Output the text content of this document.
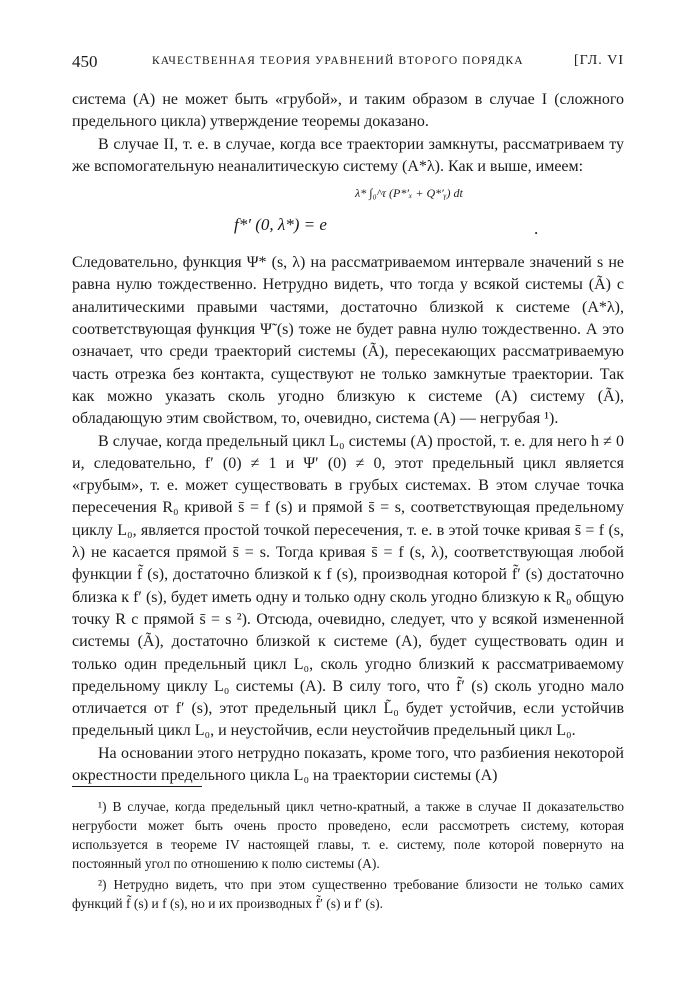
450	КАЧЕСТВЕННАЯ ТЕОРИЯ УРАВНЕНИЙ ВТОРОГО ПОРЯДКА	[ГЛ. VI

система (A) не может быть «грубой», и таким образом в случае I (сложного предельного цикла) утверждение теоремы доказано.

В случае II, т. е. в случае, когда все траектории замкнуты, рассматриваем ту же вспомогательную неаналитическую систему (A*λ). Как и выше, имеем:

f*′ (0, λ*) = e
λ* ∫₀^τ (P*′ₓ + Q*′ᵧ) dt
.

Следовательно, функция Ψ* (s, λ) на рассматриваемом интервале значений s не равна нулю тождественно. Нетрудно видеть, что тогда у всякой системы (Ã) с аналитическими правыми частями, достаточно близкой к системе (A*λ), соответствующая функция Ψ̃ (s) тоже не будет равна нулю тождественно. А это означает, что среди траекторий системы (Ã), пересекающих рассматриваемую часть отрезка без контакта, существуют не только замкнутые траектории. Так как можно указать сколь угодно близкую к системе (A) систему (Ã), обладающую этим свойством, то, очевидно, система (A) — негрубая ¹).

В случае, когда предельный цикл L₀ системы (A) простой, т. е. для него h ≠ 0 и, следовательно, f′ (0) ≠ 1 и Ψ′ (0) ≠ 0, этот предельный цикл является «грубым», т. е. может существовать в грубых системах. В этом случае точка пересечения R₀ кривой s̄ = f (s) и прямой s̄ = s, соответствующая предельному циклу L₀, является простой точкой пересечения, т. е. в этой точке кривая s̄ = f (s, λ) не касается прямой s̄ = s. Тогда кривая s̄ = f (s, λ), соответствующая любой функции f̃ (s), достаточно близкой к f (s), производная которой f̃′ (s) достаточно близка к f′ (s), будет иметь одну и только одну сколь угодно близкую к R₀ общую точку R с прямой s̄ = s ²). Отсюда, очевидно, следует, что у всякой измененной системы (Ã), достаточно близкой к системе (A), будет существовать один и только один предельный цикл L₀, сколь угодно близкий к рассматриваемому предельному циклу L₀ системы (A). В силу того, что f̃′ (s) сколь угодно мало отличается от f′ (s), этот предельный цикл L̃₀ будет устойчив, если устойчив предельный цикл L₀, и неустойчив, если неустойчив предельный цикл L₀.

На основании этого нетрудно показать, кроме того, что разбиения некоторой окрестности предельного цикла L₀ на траектории системы (A)

¹) В случае, когда предельный цикл четно-кратный, а также в случае II доказательство негрубости может быть очень просто проведено, если рассмотреть систему, которая используется в теореме IV настоящей главы, т. е. систему, поле которой повернуто на постоянный угол по отношению к полю системы (A).

²) Нетрудно видеть, что при этом существенно требование близости не только самих функций f̃ (s) и f (s), но и их производных f̃′ (s) и f′ (s).
